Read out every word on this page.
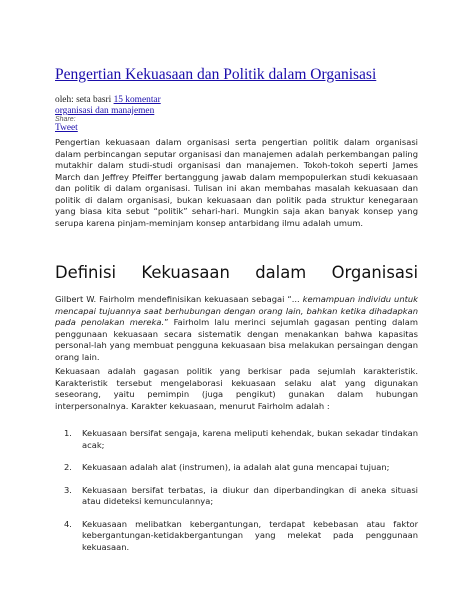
Pengertian Kekuasaan dan Politik dalam Organisasi
oleh: seta basri 15 komentar
organisasi dan manajemen
Share:
Tweet

Pengertian kekuasaan dalam organisasi serta pengertian politik dalam organisasi dalam perbincangan seputar organisasi dan manajemen adalah perkembangan paling mutakhir dalam studi-studi organisasi dan manajemen. Tokoh-tokoh seperti James March dan Jeffrey Pfeiffer bertanggung jawab dalam mempopulerkan studi kekuasaan dan politik di dalam organisasi. Tulisan ini akan membahas masalah kekuasaan dan politik di dalam organisasi, bukan kekuasaan dan politik pada struktur kenegaraan yang biasa kita sebut “politik” sehari-hari. Mungkin saja akan banyak konsep yang serupa karena pinjam-meminjam konsep antarbidang ilmu adalah umum.

Definisi Kekuasaan dalam Organisasi

Gilbert W. Fairholm mendefinisikan kekuasaan sebagai “... kemampuan individu untuk mencapai tujuannya saat berhubungan dengan orang lain, bahkan ketika dihadapkan pada penolakan mereka.” Fairholm lalu merinci sejumlah gagasan penting dalam penggunaan kekuasaan secara sistematik dengan menakankan bahwa kapasitas personal-lah yang membuat pengguna kekuasaan bisa melakukan persaingan dengan orang lain.

Kekuasaan adalah gagasan politik yang berkisar pada sejumlah karakteristik. Karakteristik tersebut mengelaborasi kekuasaan selaku alat yang digunakan seseorang, yaitu pemimpin (juga pengikut) gunakan dalam hubungan interpersonalnya. Karakter kekuasaan, menurut Fairholm adalah :

1. Kekuasaan bersifat sengaja, karena meliputi kehendak, bukan sekadar tindakan acak;
2. Kekuasaan adalah alat (instrumen), ia adalah alat guna mencapai tujuan;
3. Kekuasaan bersifat terbatas, ia diukur dan diperbandingkan di aneka situasi atau dideteksi kemunculannya;
4. Kekuasaan melibatkan kebergantungan, terdapat kebebasan atau faktor kebergantungan-ketidakbergantungan yang melekat pada penggunaan kekuasaan.
